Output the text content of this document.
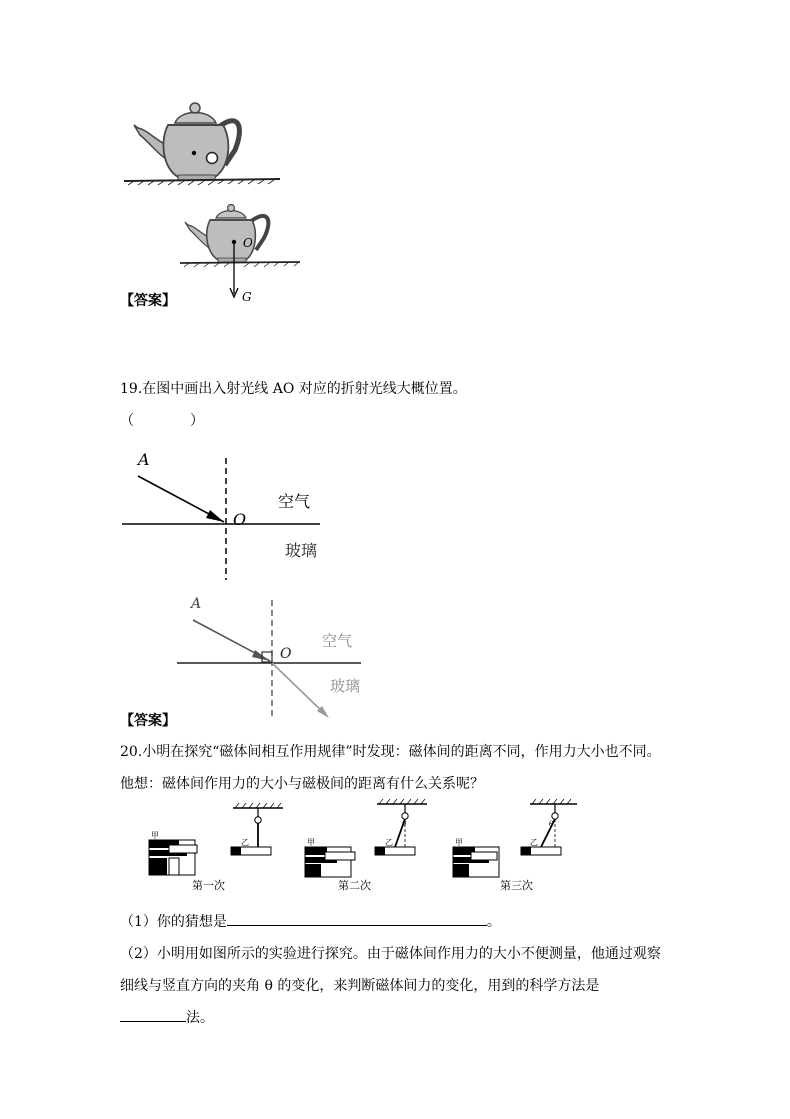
O
G
【答案】
19.在图中画出入射光线 AO 对应的折射光线大概位置。
（　　　　）
A
O
空气
玻璃
A
O
空气
玻璃
【答案】
20.小明在探究“磁体间相互作用规律”时发现：磁体间的距离不同，作用力大小也不同。
他想：磁体间作用力的大小与磁极间的距离有什么关系呢？
甲
乙	甲	乙	甲	乙
θ	θ
第一次	第二次	第三次
（1）你的猜想是	。
（2）小明用如图所示的实验进行探究。由于磁体间作用力的大小不便测量，他通过观察
细线与竖直方向的夹角 θ 的变化，来判断磁体间力的变化，用到的科学方法是
法。
